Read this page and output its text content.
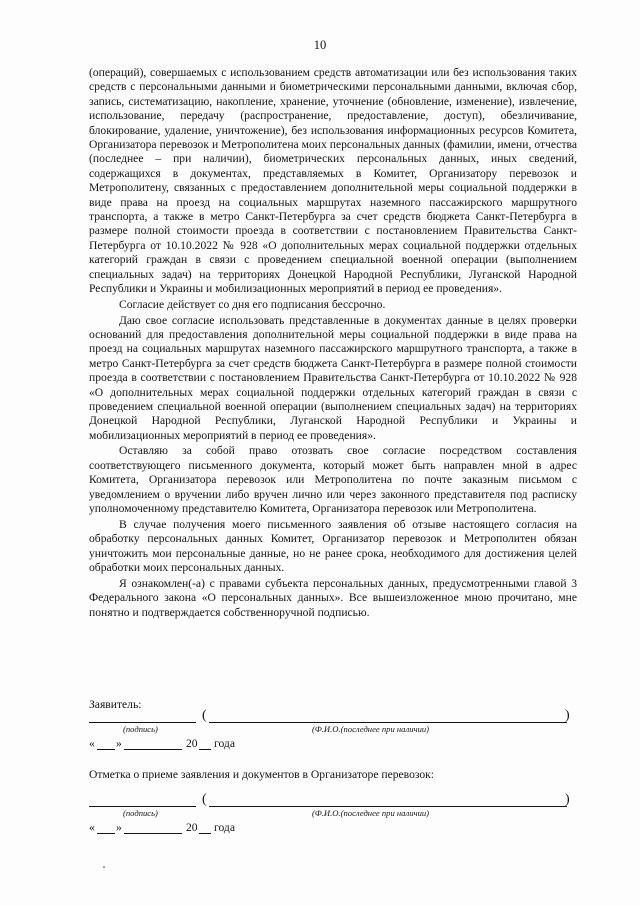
10

(операций), совершаемых с использованием средств автоматизации или без использования таких средств с персональными данными и биометрическими персональными данными, включая сбор, запись, систематизацию, накопление, хранение, уточнение (обновление, изменение), извлечение, использование, передачу (распространение, предоставление, доступ), обезличивание, блокирование, удаление, уничтожение), без использования информационных ресурсов Комитета, Организатора перевозок и Метрополитена моих персональных данных (фамилии, имени, отчества (последнее – при наличии), биометрических персональных данных, иных сведений, содержащихся в документах, представляемых в Комитет, Организатору перевозок и Метрополитену, связанных с предоставлением дополнительной меры социальной поддержки в виде права на проезд на социальных маршрутах наземного пассажирского маршрутного транспорта, а также в метро Санкт-Петербурга за счет средств бюджета Санкт-Петербурга в размере полной стоимости проезда в соответствии с постановлением Правительства Санкт-Петербурга от 10.10.2022 № 928 «О дополнительных мерах социальной поддержки отдельных категорий граждан в связи с проведением специальной военной операции (выполнением специальных задач) на территориях Донецкой Народной Республики, Луганской Народной Республики и Украины и мобилизационных мероприятий в период ее проведения».

Согласие действует со дня его подписания бессрочно.

Даю свое согласие использовать представленные в документах данные в целях проверки оснований для предоставления дополнительной меры социальной поддержки в виде права на проезд на социальных маршрутах наземного пассажирского маршрутного транспорта, а также в метро Санкт-Петербурга за счет средств бюджета Санкт-Петербурга в размере полной стоимости проезда в соответствии с постановлением Правительства Санкт-Петербурга от 10.10.2022 № 928 «О дополнительных мерах социальной поддержки отдельных категорий граждан в связи с проведением специальной военной операции (выполнением специальных задач) на территориях Донецкой Народной Республики, Луганской Народной Республики и Украины и мобилизационных мероприятий в период ее проведения».

Оставляю за собой право отозвать свое согласие посредством составления соответствующего письменного документа, который может быть направлен мной в адрес Комитета, Организатора перевозок или Метрополитена по почте заказным письмом с уведомлением о вручении либо вручен лично или через законного представителя под расписку уполномоченному представителю Комитета, Организатора перевозок или Метрополитена.

В случае получения моего письменного заявления об отзыве настоящего согласия на обработку персональных данных Комитет, Организатор перевозок и Метрополитен обязан уничтожить мои персональные данные, но не ранее срока, необходимого для достижения целей обработки моих персональных данных.

Я ознакомлен(-а) с правами субъекта персональных данных, предусмотренными главой 3 Федерального закона «О персональных данных». Все вышеизложенное мною прочитано, мне понятно и подтверждается собственноручной подписью.

Заявитель:
(	)
(подпись)	(Ф.И.О.(последнее при наличии)
« »	20 года
Отметка о приеме заявления и документов в Организаторе перевозок:
(	)
(подпись)	(Ф.И.О.(последнее при наличии)
« »	20 года
